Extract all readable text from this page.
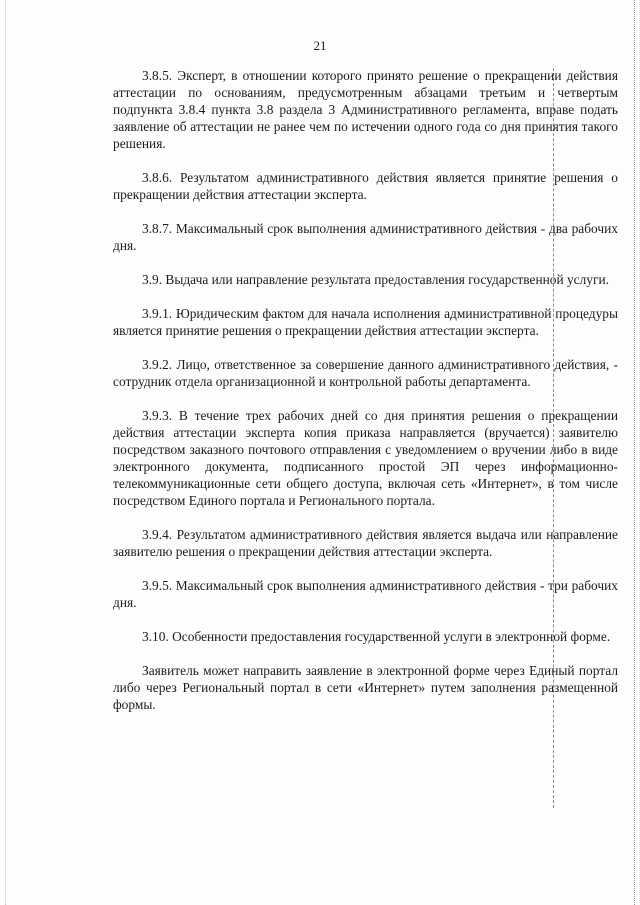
21

3.8.5. Эксперт, в отношении которого принято решение о прекращении действия аттестации по основаниям, предусмотренным абзацами третьим и четвертым подпункта 3.8.4 пункта 3.8 раздела 3 Административного регламента, вправе подать заявление об аттестации не ранее чем по истечении одного года со дня принятия такого решения.

3.8.6. Результатом административного действия является принятие решения о прекращении действия аттестации эксперта.

3.8.7. Максимальный срок выполнения административного действия - два рабочих дня.

3.9. Выдача или направление результата предоставления государственной услуги.

3.9.1. Юридическим фактом для начала исполнения административной процедуры является принятие решения о прекращении действия аттестации эксперта.

3.9.2. Лицо, ответственное за совершение данного административного действия, - сотрудник отдела организационной и контрольной работы департамента.

3.9.3. В течение трех рабочих дней со дня принятия решения о прекращении действия аттестации эксперта копия приказа направляется (вручается) заявителю посредством заказного почтового отправления с уведомлением о вручении либо в виде электронного документа, подписанного простой ЭП через информационно-телекоммуникационные сети общего доступа, включая сеть «Интернет», в том числе посредством Единого портала и Регионального портала.

3.9.4. Результатом административного действия является выдача или направление заявителю решения о прекращении действия аттестации эксперта.

3.9.5. Максимальный срок выполнения административного действия - три рабочих дня.

3.10. Особенности предоставления государственной услуги в электронной форме.

Заявитель может направить заявление в электронной форме через Единый портал либо через Региональный портал в сети «Интернет» путем заполнения размещенной формы.
